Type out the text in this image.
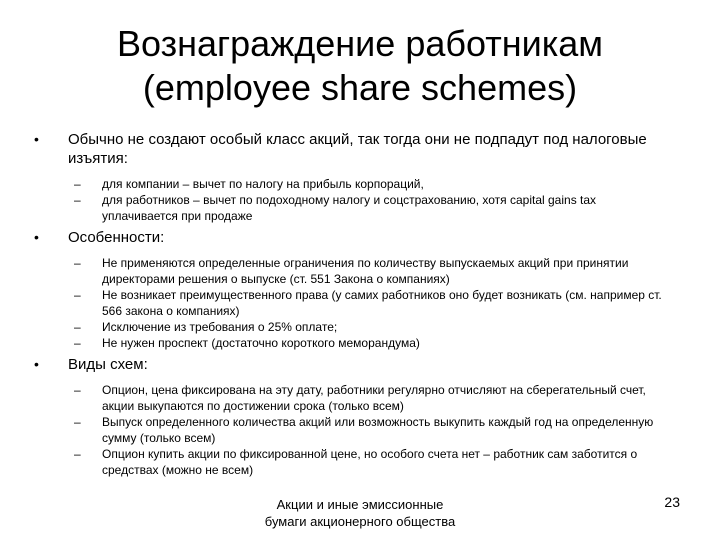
Вознаграждение работникам
(employee share schemes)
•	Обычно не создают особый класс акций, так тогда они не подпадут под налоговые изъятия:
–	для компании – вычет по налогу на прибыль корпораций,
–	для работников – вычет по подоходному налогу и соцстрахованию, хотя capital gains tax уплачивается при продаже
•	Особенности:
–	Не применяются определенные ограничения по количеству выпускаемых акций при принятии директорами решения о выпуске (ст. 551 Закона о компаниях)
–	Не возникает преимущественного права (у самих работников оно будет возникать (см. например ст. 566 закона о компаниях)
–	Исключение из требования о 25% оплате;
–	Не нужен проспект (достаточно короткого меморандума)
•	Виды схем:
–	Опцион, цена фиксирована на эту дату, работники регулярно отчисляют на сберегательный счет, акции выкупаются по достижении срока (только всем)
–	Выпуск определенного количества акций или возможность выкупить каждый год на определенную сумму (только всем)
–	Опцион купить акции по фиксированной цене, но особого счета нет – работник сам заботится о средствах (можно не всем)
Акции и иные эмиссионные
бумаги акционерного общества
23
